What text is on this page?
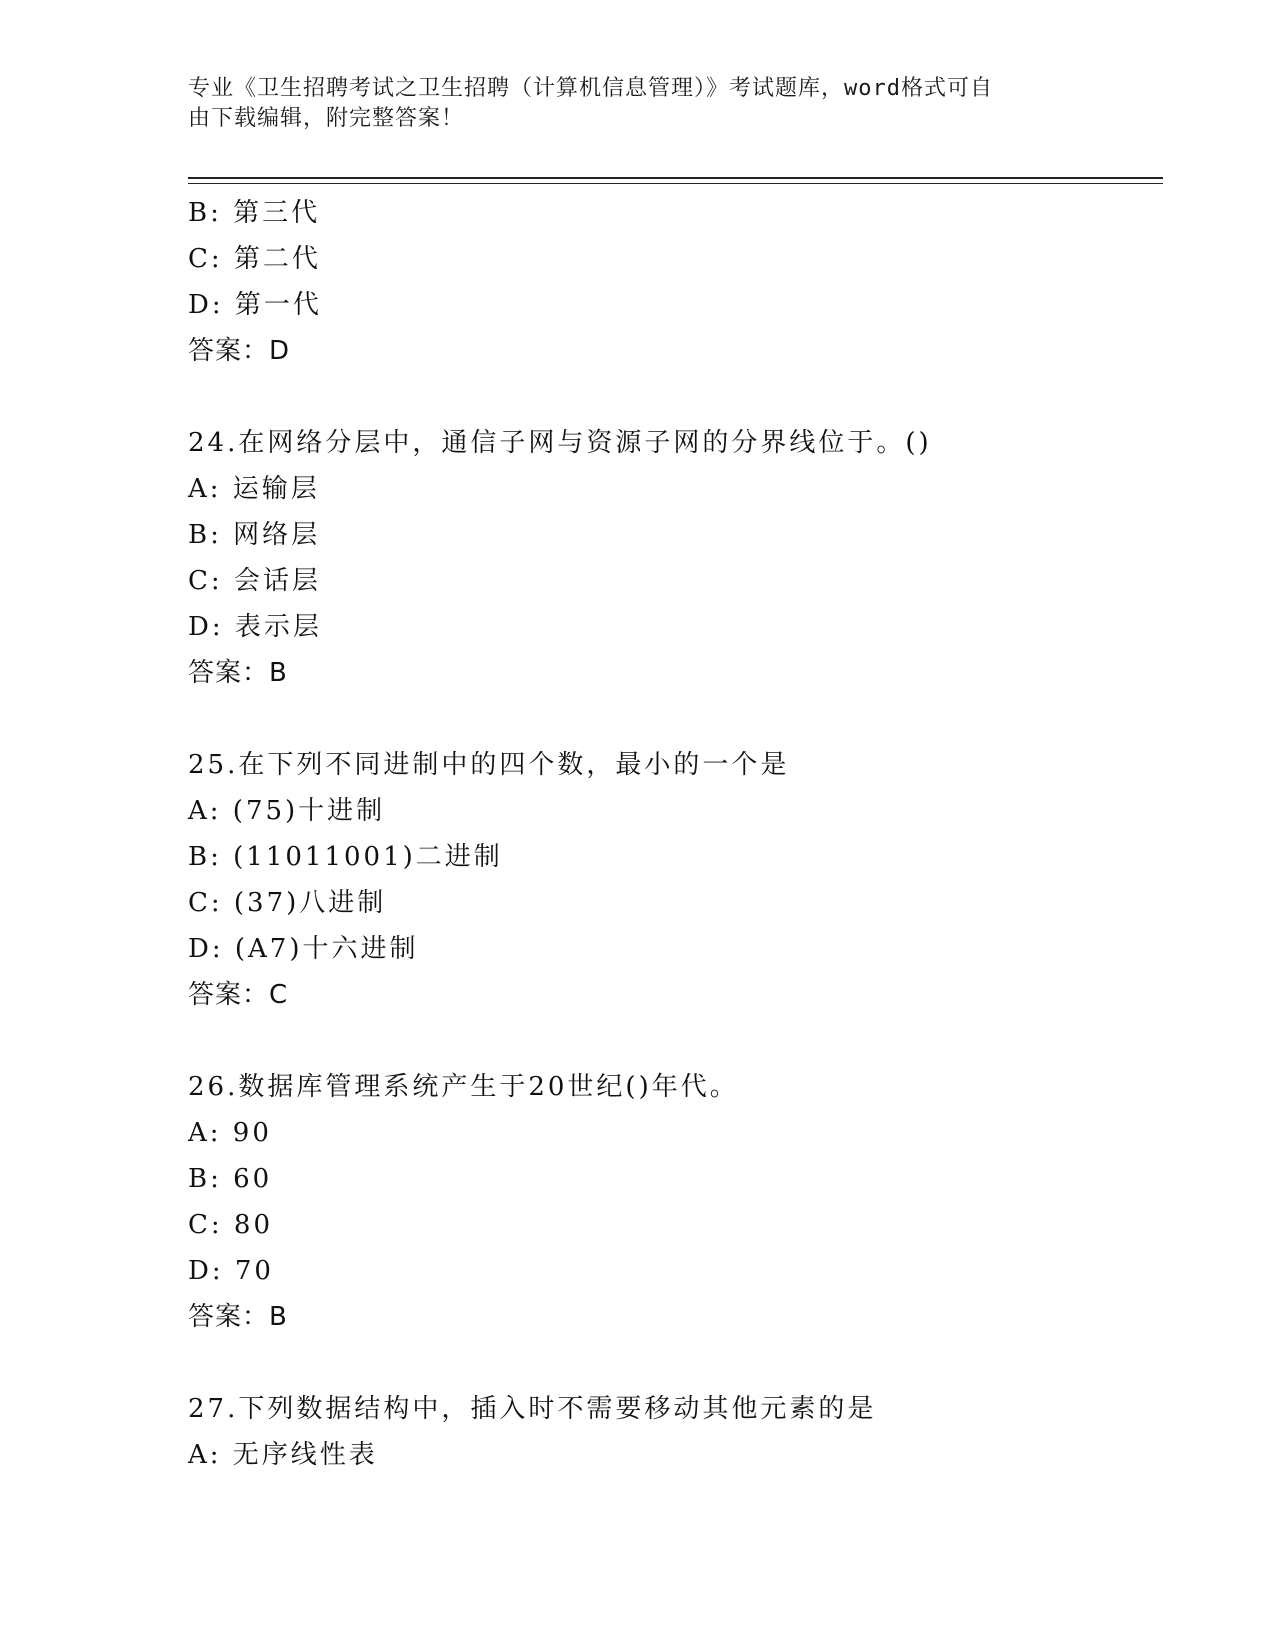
专业《卫生招聘考试之卫生招聘（计算机信息管理）》考试题库，word格式可自
由下载编辑，附完整答案！
B: 第三代
C: 第二代
D: 第一代
答案：D
24.在网络分层中，通信子网与资源子网的分界线位于。()
A: 运输层
B: 网络层
C: 会话层
D: 表示层
答案：B
25.在下列不同进制中的四个数，最小的一个是
A: (75)十进制
B: (11011001)二进制
C: (37)八进制
D: (A7)十六进制
答案：C
26.数据库管理系统产生于20世纪()年代。
A: 90
B: 60
C: 80
D: 70
答案：B
27.下列数据结构中，插入时不需要移动其他元素的是
A: 无序线性表
